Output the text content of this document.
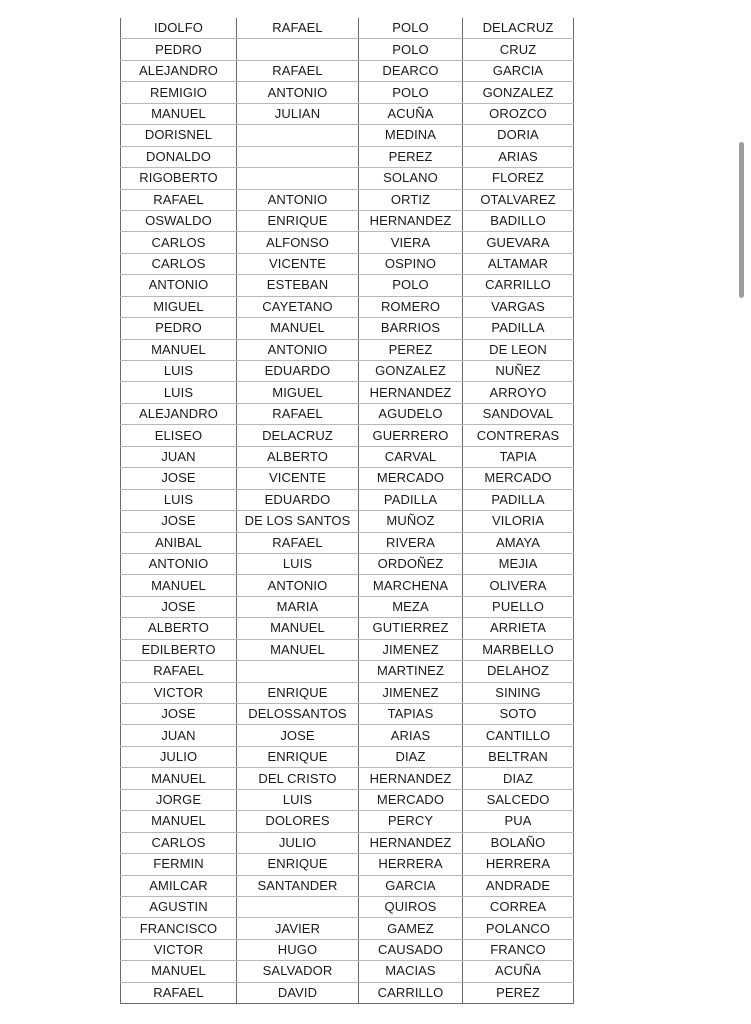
IDOLFO	RAFAEL	POLO	DELACRUZ
PEDRO		POLO	CRUZ
ALEJANDRO	RAFAEL	DEARCO	GARCIA
REMIGIO	ANTONIO	POLO	GONZALEZ
MANUEL	JULIAN	ACUÑA	OROZCO
DORISNEL		MEDINA	DORIA
DONALDO		PEREZ	ARIAS
RIGOBERTO		SOLANO	FLOREZ
RAFAEL	ANTONIO	ORTIZ	OTALVAREZ
OSWALDO	ENRIQUE	HERNANDEZ	BADILLO
CARLOS	ALFONSO	VIERA	GUEVARA
CARLOS	VICENTE	OSPINO	ALTAMAR
ANTONIO	ESTEBAN	POLO	CARRILLO
MIGUEL	CAYETANO	ROMERO	VARGAS
PEDRO	MANUEL	BARRIOS	PADILLA
MANUEL	ANTONIO	PEREZ	DE LEON
LUIS	EDUARDO	GONZALEZ	NUÑEZ
LUIS	MIGUEL	HERNANDEZ	ARROYO
ALEJANDRO	RAFAEL	AGUDELO	SANDOVAL
ELISEO	DELACRUZ	GUERRERO	CONTRERAS
JUAN	ALBERTO	CARVAL	TAPIA
JOSE	VICENTE	MERCADO	MERCADO
LUIS	EDUARDO	PADILLA	PADILLA
JOSE	DE LOS SANTOS	MUÑOZ	VILORIA
ANIBAL	RAFAEL	RIVERA	AMAYA
ANTONIO	LUIS	ORDOÑEZ	MEJIA
MANUEL	ANTONIO	MARCHENA	OLIVERA
JOSE	MARIA	MEZA	PUELLO
ALBERTO	MANUEL	GUTIERREZ	ARRIETA
EDILBERTO	MANUEL	JIMENEZ	MARBELLO
RAFAEL		MARTINEZ	DELAHOZ
VICTOR	ENRIQUE	JIMENEZ	SINING
JOSE	DELOSSANTOS	TAPIAS	SOTO
JUAN	JOSE	ARIAS	CANTILLO
JULIO	ENRIQUE	DIAZ	BELTRAN
MANUEL	DEL CRISTO	HERNANDEZ	DIAZ
JORGE	LUIS	MERCADO	SALCEDO
MANUEL	DOLORES	PERCY	PUA
CARLOS	JULIO	HERNANDEZ	BOLAÑO
FERMIN	ENRIQUE	HERRERA	HERRERA
AMILCAR	SANTANDER	GARCIA	ANDRADE
AGUSTIN		QUIROS	CORREA
FRANCISCO	JAVIER	GAMEZ	POLANCO
VICTOR	HUGO	CAUSADO	FRANCO
MANUEL	SALVADOR	MACIAS	ACUÑA
RAFAEL	DAVID	CARRILLO	PEREZ
